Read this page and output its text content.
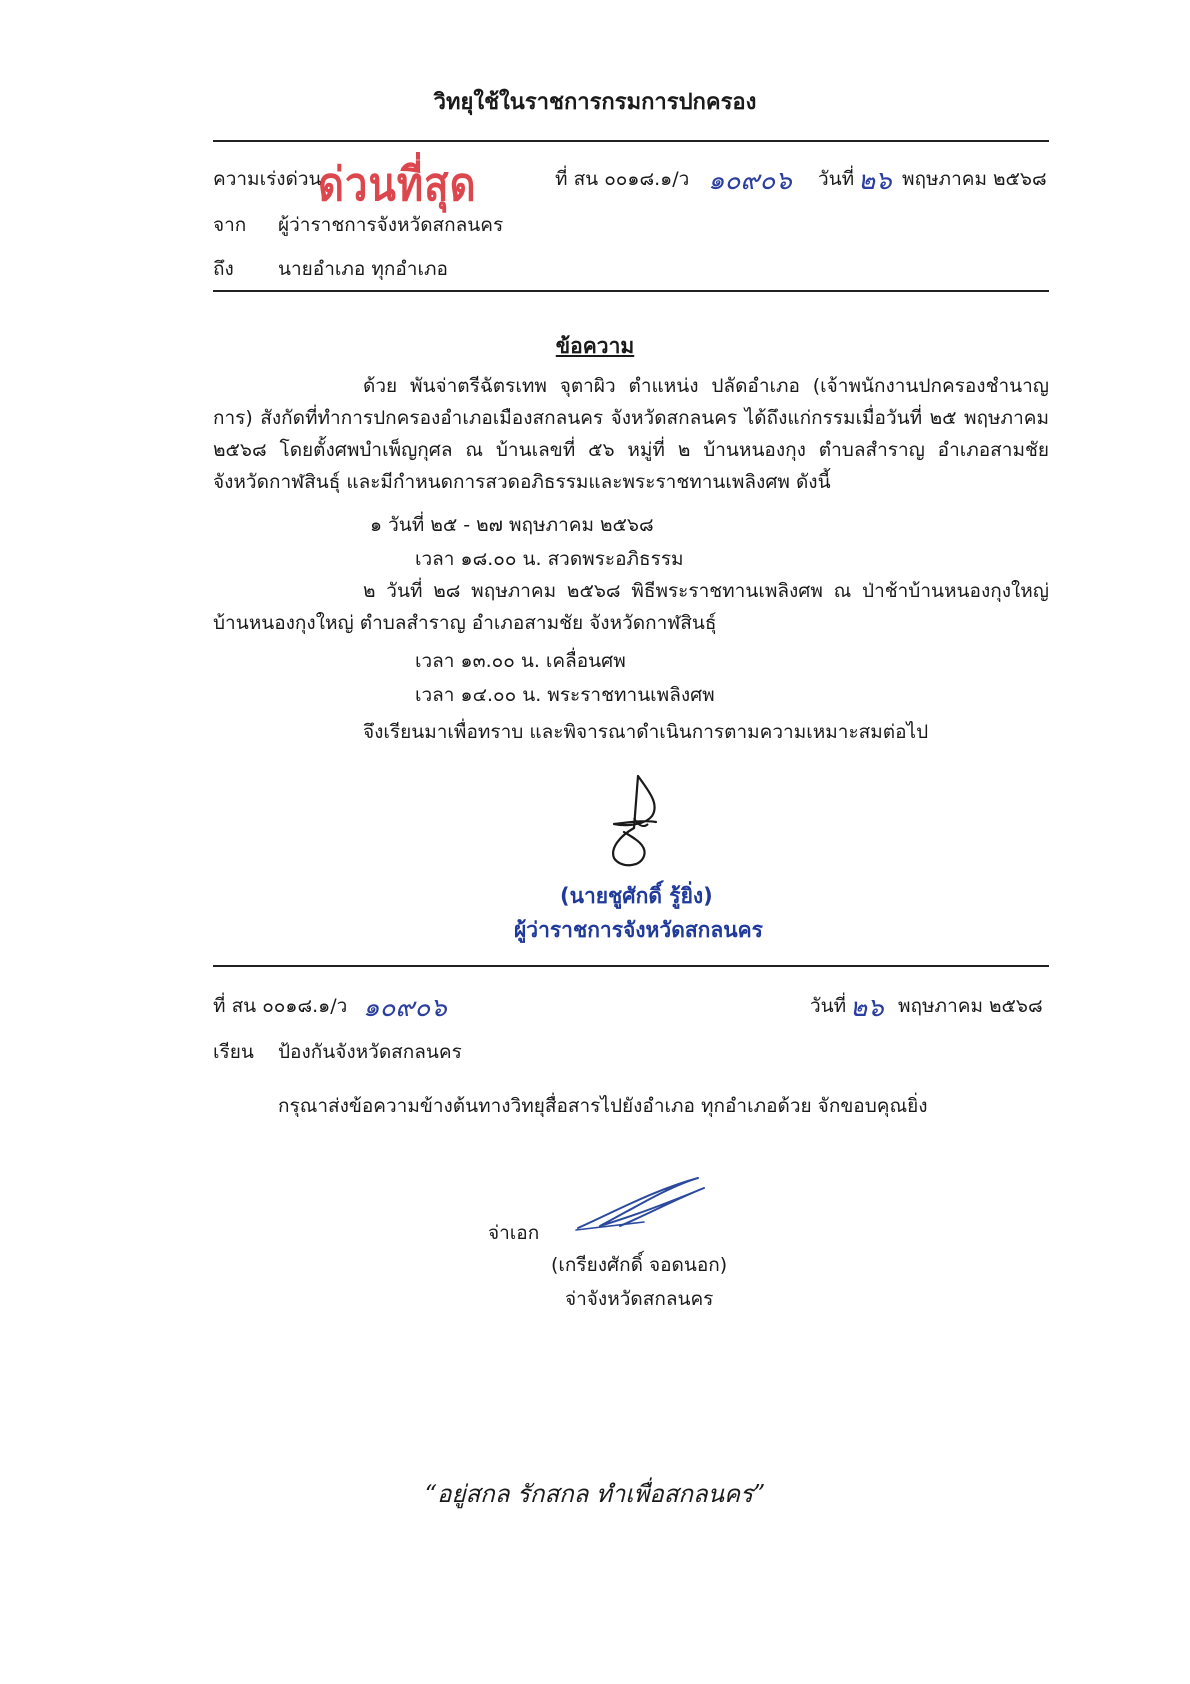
วิทยุใช้ในราชการกรมการปกครอง
ความเร่งด่วน
ด่วนที่สุด	ที่ สน ๐๐๑๘.๑/ว ๑๐๙๐๖ วันที่ ๒๖ พฤษภาคม ๒๕๖๘
จาก ผู้ว่าราชการจังหวัดสกลนคร
ถึง นายอำเภอ ทุกอำเภอ
ข้อความ
ด้วย พันจ่าตรีฉัตรเทพ จุตาผิว ตำแหน่ง ปลัดอำเภอ (เจ้าพนักงานปกครองชำนาญการ) สังกัดที่ทำการปกครองอำเภอเมืองสกลนคร จังหวัดสกลนคร ได้ถึงแก่กรรมเมื่อวันที่ ๒๕ พฤษภาคม ๒๕๖๘ โดยตั้งศพบำเพ็ญกุศล ณ บ้านเลขที่ ๕๖ หมู่ที่ ๒ บ้านหนองกุง ตำบลสำราญ อำเภอสามชัย จังหวัดกาฬสินธุ์ และมีกำหนดการสวดอภิธรรมและพระราชทานเพลิงศพ ดังนี้
๑ วันที่ ๒๕ - ๒๗ พฤษภาคม ๒๕๖๘
เวลา ๑๘.๐๐ น. สวดพระอภิธรรม
๒ วันที่ ๒๘ พฤษภาคม ๒๕๖๘ พิธีพระราชทานเพลิงศพ ณ ป่าช้าบ้านหนองกุงใหญ่ บ้านหนองกุงใหญ่ ตำบลสำราญ อำเภอสามชัย จังหวัดกาฬสินธุ์
เวลา ๑๓.๐๐ น. เคลื่อนศพ
เวลา ๑๔.๐๐ น. พระราชทานเพลิงศพ
จึงเรียนมาเพื่อทราบ และพิจารณาดำเนินการตามความเหมาะสมต่อไป
(นายชูศักดิ์ รู้ยิ่ง)
ผู้ว่าราชการจังหวัดสกลนคร
ที่ สน ๐๐๑๘.๑/ว ๑๐๙๐๖	วันที่ ๒๖ พฤษภาคม ๒๕๖๘
เรียน ป้องกันจังหวัดสกลนคร
กรุณาส่งข้อความข้างต้นทางวิทยุสื่อสารไปยังอำเภอ ทุกอำเภอด้วย จักขอบคุณยิ่ง
จ่าเอก
(เกรียงศักดิ์ จอดนอก)
จ่าจังหวัดสกลนคร
“อยู่สกล รักสกล ทำเพื่อสกลนคร”
